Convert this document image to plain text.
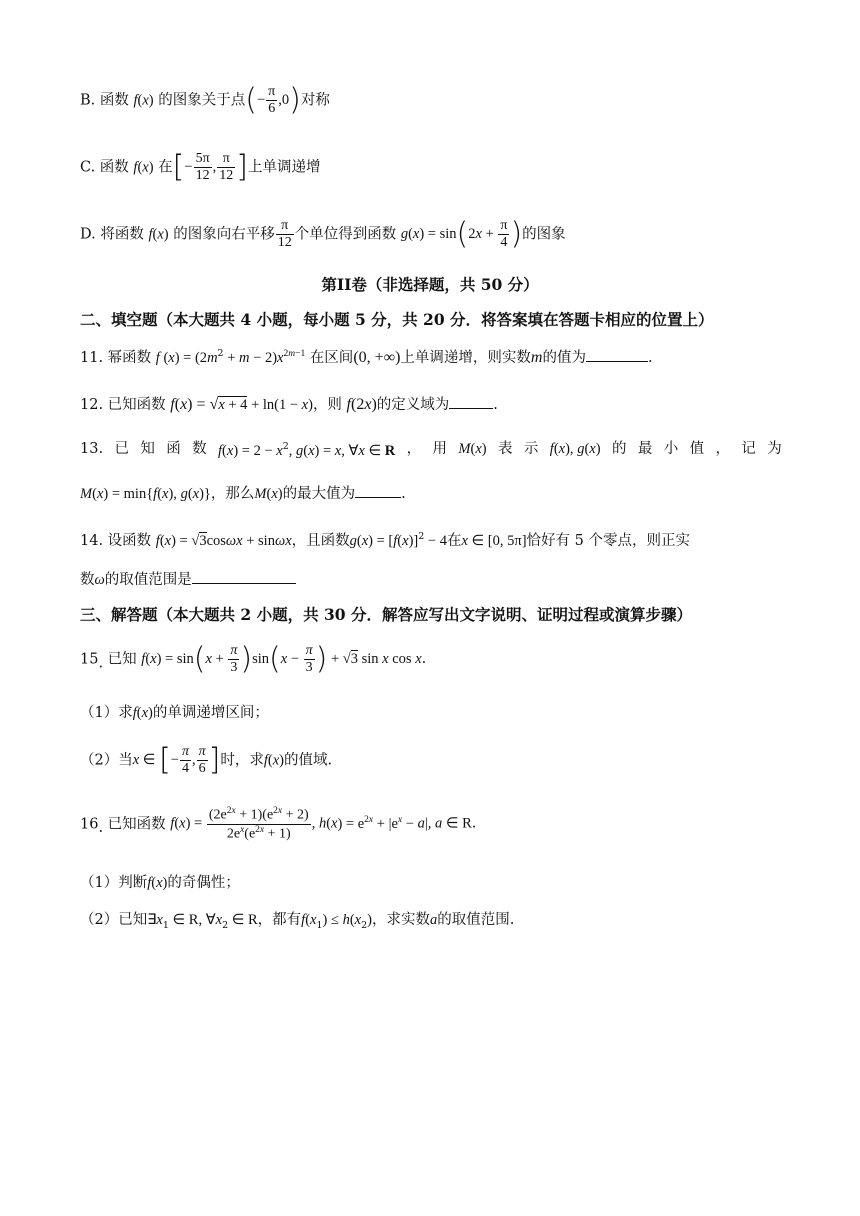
B. 函数 f(x) 的图象关于点(− $\frac{\pi}{6} ,0$)对称
C. 函数 f(x) 在[− $\frac{5\pi}{12}$ , $\frac{\pi}{12}$ ]上单调递增
D. 将函数 f(x) 的图象向右平移 $\frac{\pi}{12}$ 个单位得到函数 $g(x) = \sin(2x + \frac{\pi}{4}$ )的图象
第II卷（非选择题，共 50 分）
二、填空题（本大题共 4 小题，每小题 5 分，共 20 分．将答案填在答题卡相应的位置上）
11. 幂函数 f $(x) = (2m^2 + m - 2)x^{2m-1}$ 在区间(0, +∞)上单调递增，则实数m的值为	.
12. 已知函数 f(x) = √x + 4 + ln(1 − x)，则 f(2x)的定义域为	.
13. 已 知 函 数 $f(x) = 2 - x^2$, g(x) = x, ∀x ∈ R ， 用 M(x) 表 示 f(x), g(x) 的 最 小 值 ， 记 为
M(x) = min{f(x), g(x)}，那么M(x)的最大值为	.
14. 设函数 f(x) = √3cosωx + sinωx，且函数$g(x) = [f(x)]^2 - 4$在x ∈ [0, 5π]恰好有 5 个零点，则正实
数ω的取值范围是
三、解答题（本大题共 2 小题，共 30 分．解答应写出文字说明、证明过程或演算步骤）
15. 已知 $f(x) = \sin(x + \frac{\pi}{3} )\sin(x - \frac{\pi}{3}$ ) + √3 sin x cos x.
（1）求f(x)的单调递增区间；
（2）当x ∈ [− $\frac{\pi}{4}$ , $\frac{\pi}{6}$ ]时，求f(x)的值域.
16. 已知函数 $f(x) = \frac{(2e^{2x} + 1)(e^{2x} + 2)}{2e^x(e^{2x} + 1)}$ , $h(x) = e^{2x} + |e^x - a|$, a ∈ R.
（1）判断f(x)的奇偶性；
（2）已知$\exists x_1$ ∈ R, $\forall x_2$ ∈ R，都有$f(x_1) \le h(x_2)$，求实数a的取值范围.
